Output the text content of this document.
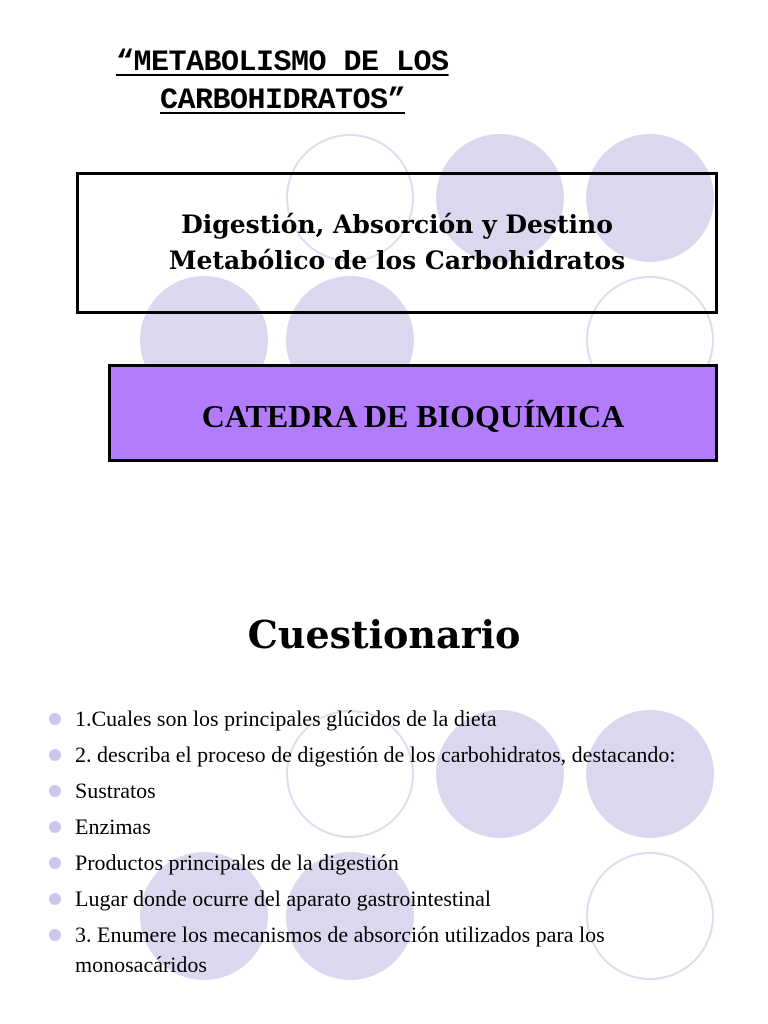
“METABOLISMO DE LOS
CARBOHIDRATOS”
Digestión, Absorción y Destino
Metabólico de los Carbohidratos
CATEDRA DE BIOQUÍMICA
Cuestionario
1.Cuales son los principales glúcidos de la dieta
2. describa el proceso de digestión de los carbohidratos, destacando:
Sustratos
Enzimas
Productos principales de la digestión
Lugar donde ocurre del aparato gastrointestinal
3. Enumere los mecanismos de absorción utilizados para los monosacáridos
